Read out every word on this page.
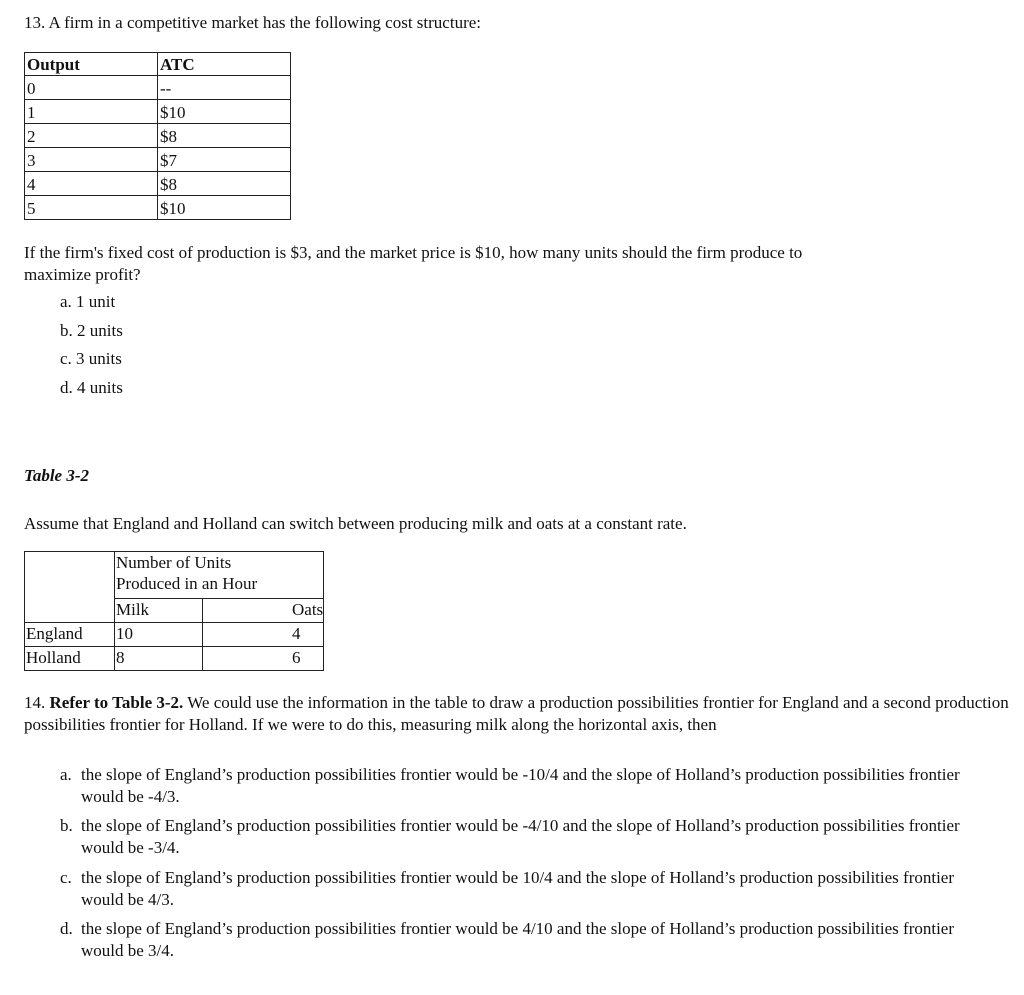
13. A firm in a competitive market has the following cost structure:
Output	ATC
0	--
1	$10
2	$8
3	$7
4	$8
5	$10
If the firm's fixed cost of production is $3, and the market price is $10, how many units should the firm produce to
maximize profit?
a. 1 unit
b. 2 units
c. 3 units
d. 4 units
Table 3-2
Assume that England and Holland can switch between producing milk and oats at a constant rate.

	Number of Units
Produced in an Hour	

	Milk	Oats
England	10	4
Holland	8	6
14. Refer to Table 3-2. We could use the information in the table to draw a production possibilities frontier for England and a second production possibilities frontier for Holland. If we were to do this, measuring milk along the horizontal axis, then
a. the slope of England’s production possibilities frontier would be -10/4 and the slope of Holland’s production possibilities frontier would be -4/3.
b. the slope of England’s production possibilities frontier would be -4/10 and the slope of Holland’s production possibilities frontier would be -3/4.
c. the slope of England’s production possibilities frontier would be 10/4 and the slope of Holland’s production possibilities frontier would be 4/3.
d. the slope of England’s production possibilities frontier would be 4/10 and the slope of Holland’s production possibilities frontier would be 3/4.
